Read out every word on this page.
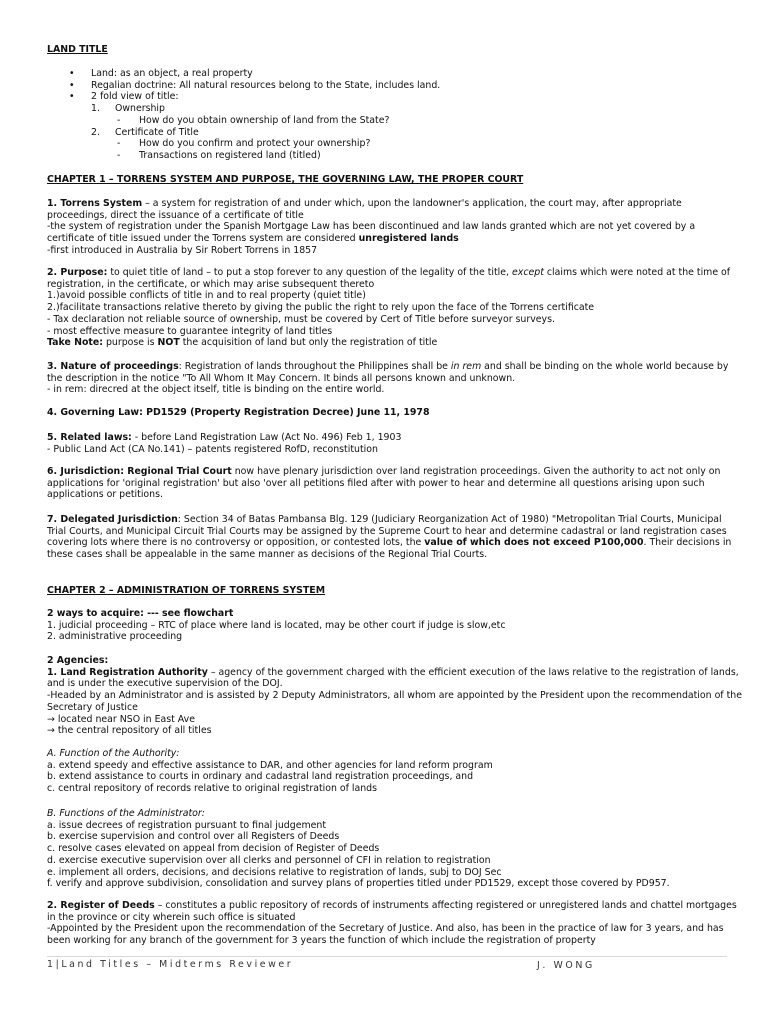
LAND TITLE
• Land: as an object, a real property
• Regalian doctrine: All natural resources belong to the State, includes land.
• 2 fold view of title:
1. Ownership
- How do you obtain ownership of land from the State?
2. Certificate of Title
- How do you confirm and protect your ownership?
- Transactions on registered land (titled)
CHAPTER 1 – TORRENS SYSTEM AND PURPOSE, THE GOVERNING LAW, THE PROPER COURT
1. Torrens System – a system for registration of and under which, upon the landowner's application, the court may, after appropriate
proceedings, direct the issuance of a certificate of title
-the system of registration under the Spanish Mortgage Law has been discontinued and law lands granted which are not yet covered by a
certificate of title issued under the Torrens system are considered unregistered lands
-first introduced in Australia by Sir Robert Torrens in 1857
2. Purpose: to quiet title of land – to put a stop forever to any question of the legality of the title, except claims which were noted at the time of
registration, in the certificate, or which may arise subsequent thereto
1.)avoid possible conflicts of title in and to real property (quiet title)
2.)facilitate transactions relative thereto by giving the public the right to rely upon the face of the Torrens certificate
- Tax declaration not reliable source of ownership, must be covered by Cert of Title before surveyor surveys.
- most effective measure to guarantee integrity of land titles
Take Note: purpose is NOT the acquisition of land but only the registration of title
3. Nature of proceedings: Registration of lands throughout the Philippines shall be in rem and shall be binding on the whole world because by
the description in the notice "To All Whom It May Concern. It binds all persons known and unknown.
- in rem: direcred at the object itself, title is binding on the entire world.
4. Governing Law: PD1529 (Property Registration Decree) June 11, 1978
5. Related laws: - before Land Registration Law (Act No. 496) Feb 1, 1903
- Public Land Act (CA No.141) – patents registered RofD, reconstitution
6. Jurisdiction: Regional Trial Court now have plenary jurisdiction over land registration proceedings. Given the authority to act not only on
applications for 'original registration' but also 'over all petitions filed after with power to hear and determine all questions arising upon such
applications or petitions.
7. Delegated Jurisdiction: Section 34 of Batas Pambansa Blg. 129 (Judiciary Reorganization Act of 1980) "Metropolitan Trial Courts, Municipal
Trial Courts, and Municipal Circuit Trial Courts may be assigned by the Supreme Court to hear and determine cadastral or land registration cases
covering lots where there is no controversy or opposition, or contested lots, the value of which does not exceed P100,000. Their decisions in
these cases shall be appealable in the same manner as decisions of the Regional Trial Courts.
CHAPTER 2 – ADMINISTRATION OF TORRENS SYSTEM
2 ways to acquire: --- see flowchart
1. judicial proceeding – RTC of place where land is located, may be other court if judge is slow,etc
2. administrative proceeding
2 Agencies:
1. Land Registration Authority – agency of the government charged with the efficient execution of the laws relative to the registration of lands,
and is under the executive supervision of the DOJ.
-Headed by an Administrator and is assisted by 2 Deputy Administrators, all whom are appointed by the President upon the recommendation of the
Secretary of Justice
→ located near NSO in East Ave
→ the central repository of all titles
A. Function of the Authority:
a. extend speedy and effective assistance to DAR, and other agencies for land reform program
b. extend assistance to courts in ordinary and cadastral land registration proceedings, and
c. central repository of records relative to original registration of lands
B. Functions of the Administrator:
a. issue decrees of registration pursuant to final judgement
b. exercise supervision and control over all Registers of Deeds
c. resolve cases elevated on appeal from decision of Register of Deeds
d. exercise executive supervision over all clerks and personnel of CFI in relation to registration
e. implement all orders, decisions, and decisions relative to registration of lands, subj to DOJ Sec
f. verify and approve subdivision, consolidation and survey plans of properties titled under PD1529, except those covered by PD957.
2. Register of Deeds – constitutes a public repository of records of instruments affecting registered or unregistered lands and chattel mortgages
in the province or city wherein such office is situated
-Appointed by the President upon the recommendation of the Secretary of Justice. And also, has been in the practice of law for 3 years, and has
been working for any branch of the government for 3 years the function of which include the registration of property
1|Land Titles – Midterms Reviewer	J. WONG
